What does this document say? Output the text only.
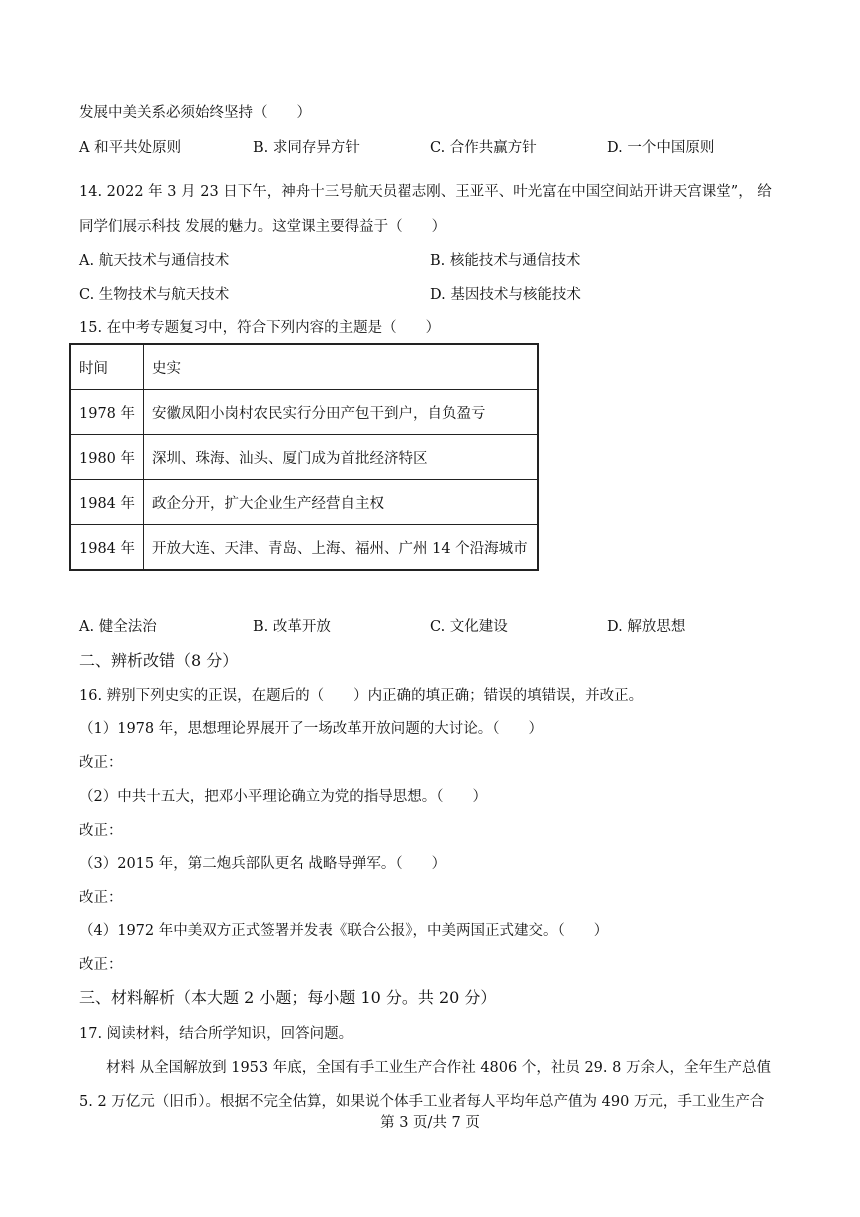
发展中美关系必须始终坚持（　　）
A 和平共处原则	B. 求同存异方针	C. 合作共赢方针	D. 一个中国原则
14. 2022 年 3 月 23 日下午，神舟十三号航天员翟志刚、王亚平、叶光富在中国空间站开讲天宫课堂”， 给
同学们展示科技 发展的魅力。这堂课主要得益于（　　）
A. 航天技术与通信技术	B. 核能技术与通信技术
C. 生物技术与航天技术	D. 基因技术与核能技术
15. 在中考专题复习中，符合下列内容的主题是（　　）
时间	史实
1978 年	安徽凤阳小岗村农民实行分田产包干到户，自负盈亏
1980 年	深圳、珠海、汕头、厦门成为首批经济特区
1984 年	政企分开，扩大企业生产经营自主权
1984 年	开放大连、天津、青岛、上海、福州、广州 14 个沿海城市
A. 健全法治	B. 改革开放	C. 文化建设	D. 解放思想
二、辨析改错（8 分）
16. 辨别下列史实的正误，在题后的（　　）内正确的填正确；错误的填错误，并改正。
（1）1978 年，思想理论界展开了一场改革开放问题的大讨论。（　　）
改正：
（2）中共十五大，把邓小平理论确立为党的指导思想。（　　）
改正：
（3）2015 年，第二炮兵部队更名 战略导弹军。（　　）
改正：
（4）1972 年中美双方正式签署并发表《联合公报》，中美两国正式建交。（　　）
改正：
三、材料解析（本大题 2 小题；每小题 10 分。共 20 分）
17. 阅读材料，结合所学知识，回答问题。
材料 从全国解放到 1953 年底，全国有手工业生产合作社 4806 个，社员 29. 8 万余人，全年生产总值
5. 2 万亿元（旧币）。根据不完全估算，如果说个体手工业者每人平均年总产值为 490 万元，手工业生产合
第 3 页/共 7 页
